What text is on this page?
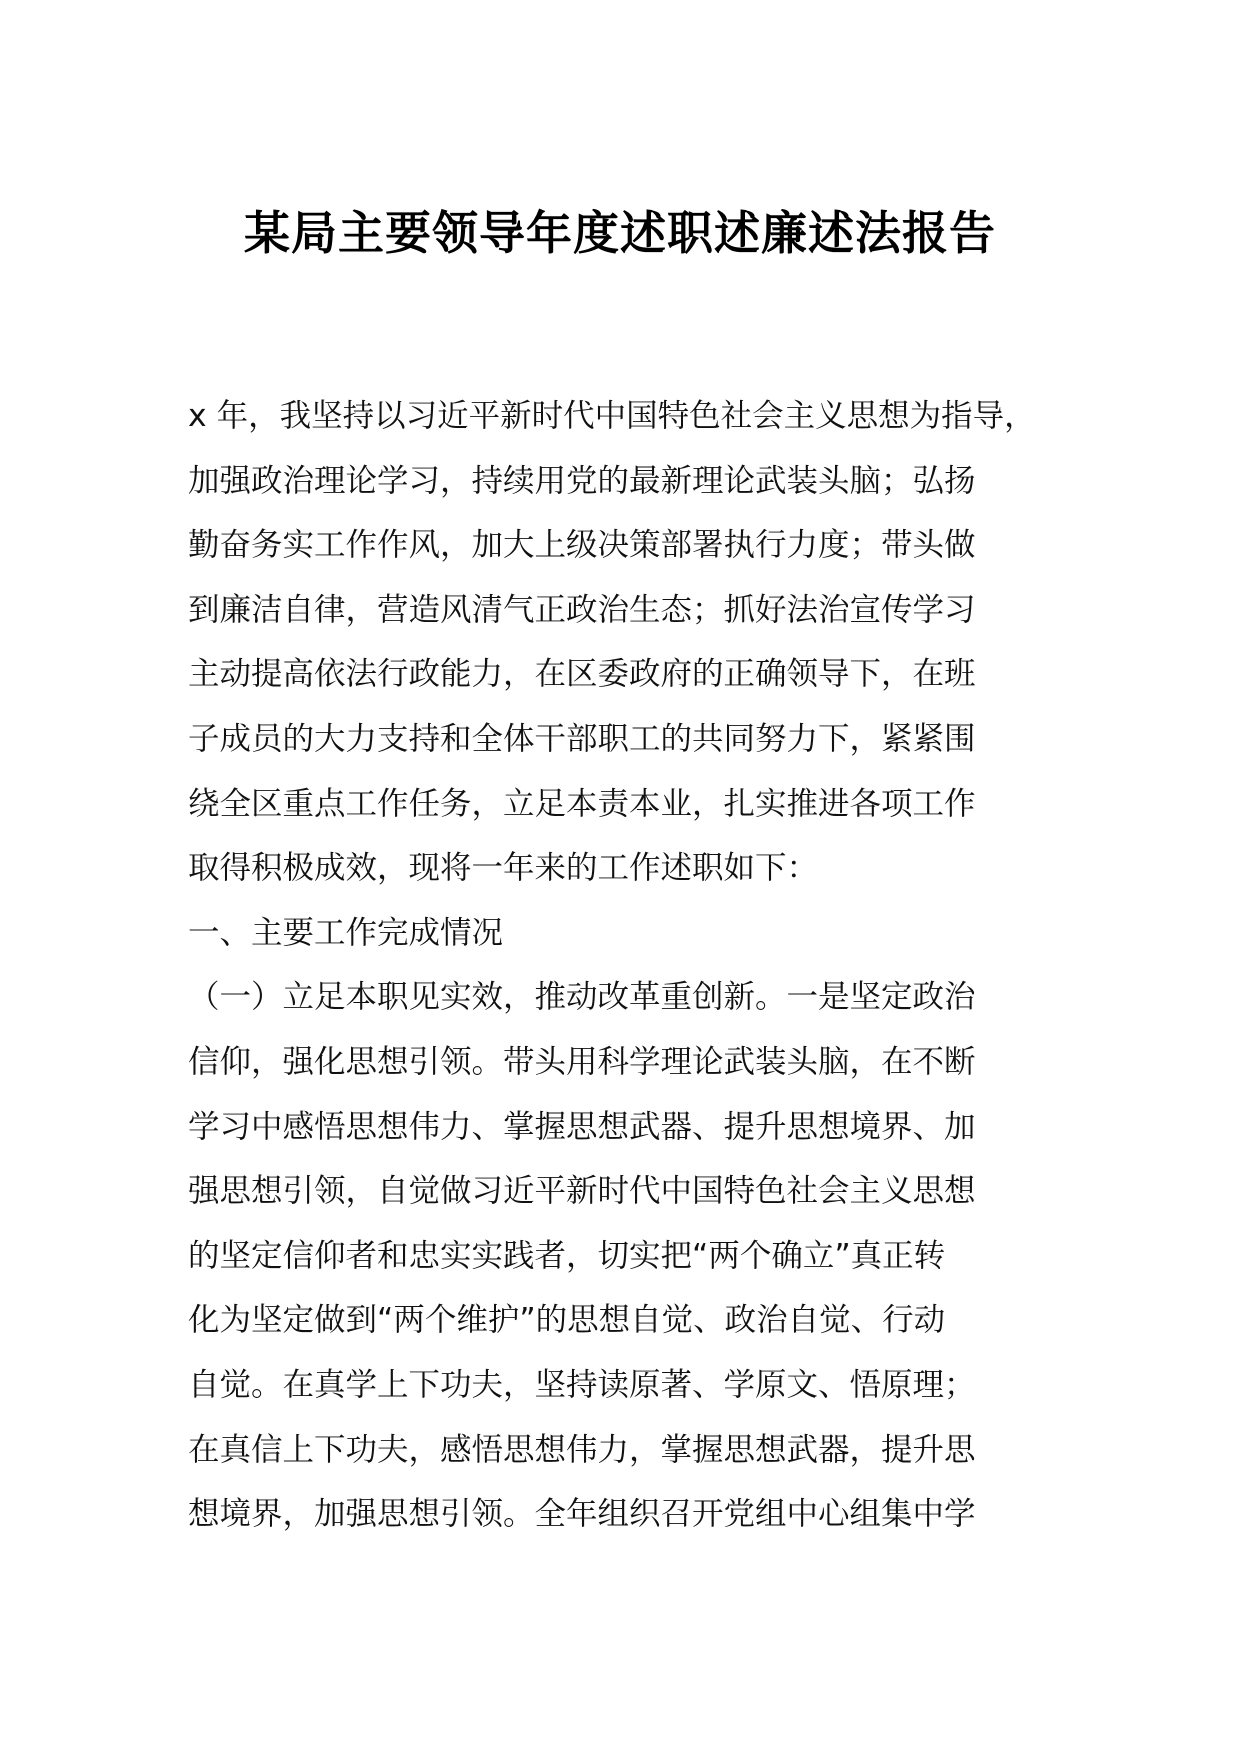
某局主要领导年度述职述廉述法报告
x 年，我坚持以习近平新时代中国特色社会主义思想为指导，
加强政治理论学习，持续用党的最新理论武装头脑；弘扬
勤奋务实工作作风，加大上级决策部署执行力度；带头做
到廉洁自律，营造风清气正政治生态；抓好法治宣传学习
主动提高依法行政能力，在区委政府的正确领导下，在班
子成员的大力支持和全体干部职工的共同努力下，紧紧围
绕全区重点工作任务，立足本责本业，扎实推进各项工作
取得积极成效，现将一年来的工作述职如下：
一、主要工作完成情况
（一）立足本职见实效，推动改革重创新。一是坚定政治
信仰，强化思想引领。带头用科学理论武装头脑，在不断
学习中感悟思想伟力、掌握思想武器、提升思想境界、加
强思想引领，自觉做习近平新时代中国特色社会主义思想
的坚定信仰者和忠实实践者，切实把“两个确立”真正转
化为坚定做到“两个维护”的思想自觉、政治自觉、行动
自觉。在真学上下功夫，坚持读原著、学原文、悟原理；
在真信上下功夫，感悟思想伟力，掌握思想武器，提升思
想境界，加强思想引领。全年组织召开党组中心组集中学
